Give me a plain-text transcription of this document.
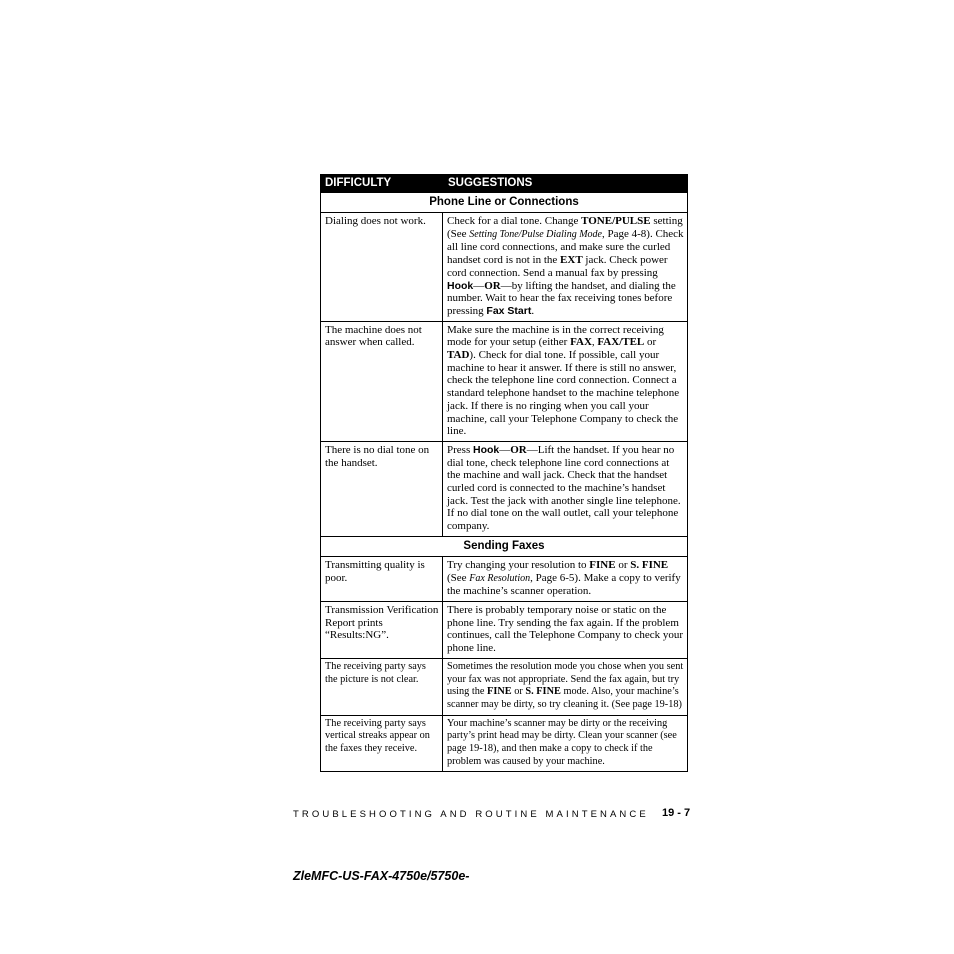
DIFFICULTY	SUGGESTIONS
Phone Line or Connections
Dialing does not work.	Check for a dial tone. Change TONE/PULSE setting (See Setting Tone/Pulse Dialing Mode, Page 4-8). Check all line cord connections, and make sure the curled handset cord is not in the EXT jack. Check power cord connection. Send a manual fax by pressing Hook—OR—by lifting the handset, and dialing the number. Wait to hear the fax receiving tones before pressing Fax Start.
The machine does not answer when called.
Make sure the machine is in the correct receiving mode for your setup (either FAX, FAX/TEL or TAD). Check for dial tone. If possible, call your machine to hear it answer. If there is still no answer, check the telephone line cord connection. Connect a standard telephone handset to the machine telephone jack. If there is no ringing when you call your machine, call your Telephone Company to check the line.
There is no dial tone on the handset.
Press Hook—OR—Lift the handset. If you hear no dial tone, check telephone line cord connections at the machine and wall jack. Check that the handset curled cord is connected to the machine’s handset jack. Test the jack with another single line telephone. If no dial tone on the wall outlet, call your telephone company.
Sending Faxes
Transmitting quality is poor.
Try changing your resolution to FINE or S. FINE (See Fax Resolution, Page 6-5). Make a copy to verify the machine’s scanner operation.
Transmission Verification Report prints “Results:NG”.
There is probably temporary noise or static on the phone line. Try sending the fax again. If the problem continues, call the Telephone Company to check your phone line.
The receiving party says the picture is not clear.
Sometimes the resolution mode you chose when you sent your fax was not appropriate. Send the fax again, but try using the FINE or S. FINE mode. Also, your machine’s scanner may be dirty, so try cleaning it. (See page 19-18)
The receiving party says vertical streaks appear on the faxes they receive.
Your machine’s scanner may be dirty or the receiving party’s print head may be dirty. Clean your scanner (see page 19-18), and then make a copy to check if the problem was caused by your machine.
TROUBLESHOOTING AND ROUTINE MAINTENANCE 19 - 7
ZleMFC-US-FAX-4750e/5750e-
